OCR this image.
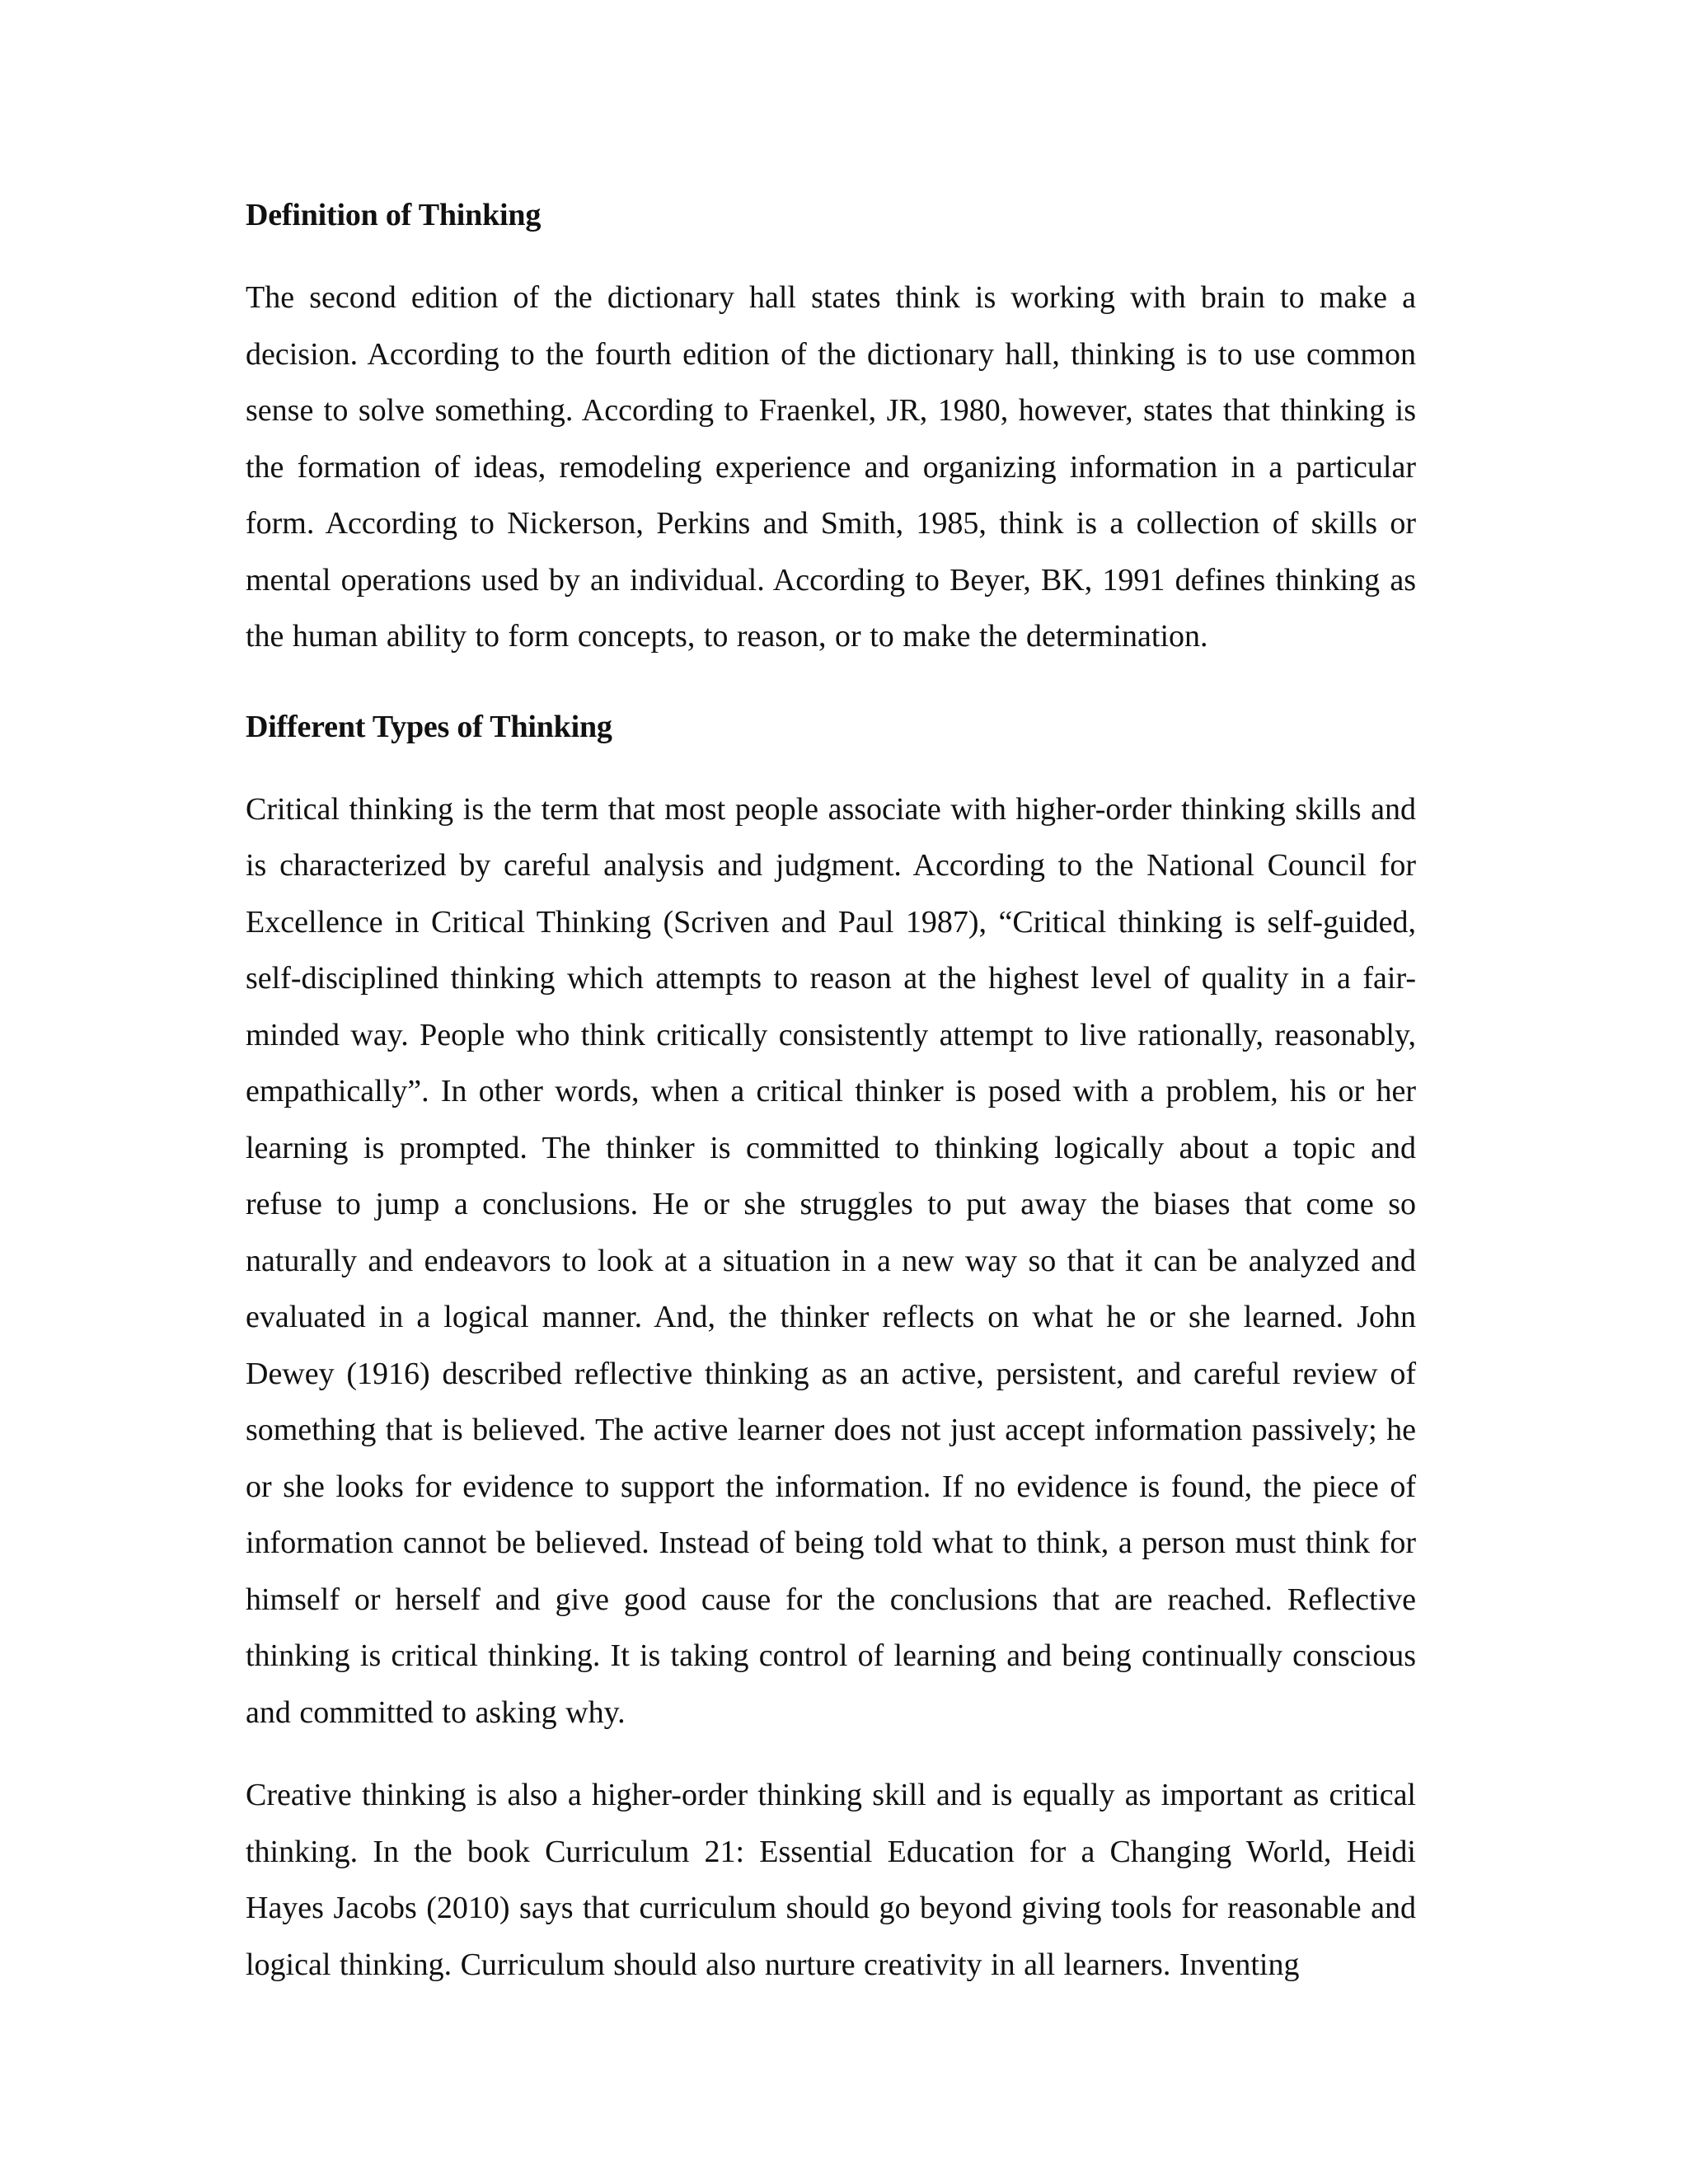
Definition of Thinking

The second edition of the dictionary hall states think is working with brain to make a decision. According to the fourth edition of the dictionary hall, thinking is to use common sense to solve something. According to Fraenkel, JR, 1980, however, states that thinking is the formation of ideas, remodeling experience and organizing information in a particular form. According to Nickerson, Perkins and Smith, 1985, think is a collection of skills or mental operations used by an individual. According to Beyer, BK, 1991 defines thinking as the human ability to form concepts, to reason, or to make the determination.

Different Types of Thinking

Critical thinking is the term that most people associate with higher-order thinking skills and is characterized by careful analysis and judgment. According to the National Council for Excellence in Critical Thinking (Scriven and Paul 1987), “Critical thinking is self-guided, self-disciplined thinking which attempts to reason at the highest level of quality in a fair-minded way. People who think critically consistently attempt to live rationally, reasonably, empathically”. In other words, when a critical thinker is posed with a problem, his or her learning is prompted. The thinker is committed to thinking logically about a topic and refuse to jump a conclusions. He or she struggles to put away the biases that come so naturally and endeavors to look at a situation in a new way so that it can be analyzed and evaluated in a logical manner. And, the thinker reflects on what he or she learned. John Dewey (1916) described reflective thinking as an active, persistent, and careful review of something that is believed. The active learner does not just accept information passively; he or she looks for evidence to support the information. If no evidence is found, the piece of information cannot be believed. Instead of being told what to think, a person must think for himself or herself and give good cause for the conclusions that are reached. Reflective thinking is critical thinking. It is taking control of learning and being continually conscious and committed to asking why.

Creative thinking is also a higher-order thinking skill and is equally as important as critical thinking. In the book Curriculum 21: Essential Education for a Changing World, Heidi Hayes Jacobs (2010) says that curriculum should go beyond giving tools for reasonable and logical thinking. Curriculum should also nurture creativity in all learners. Inventing
